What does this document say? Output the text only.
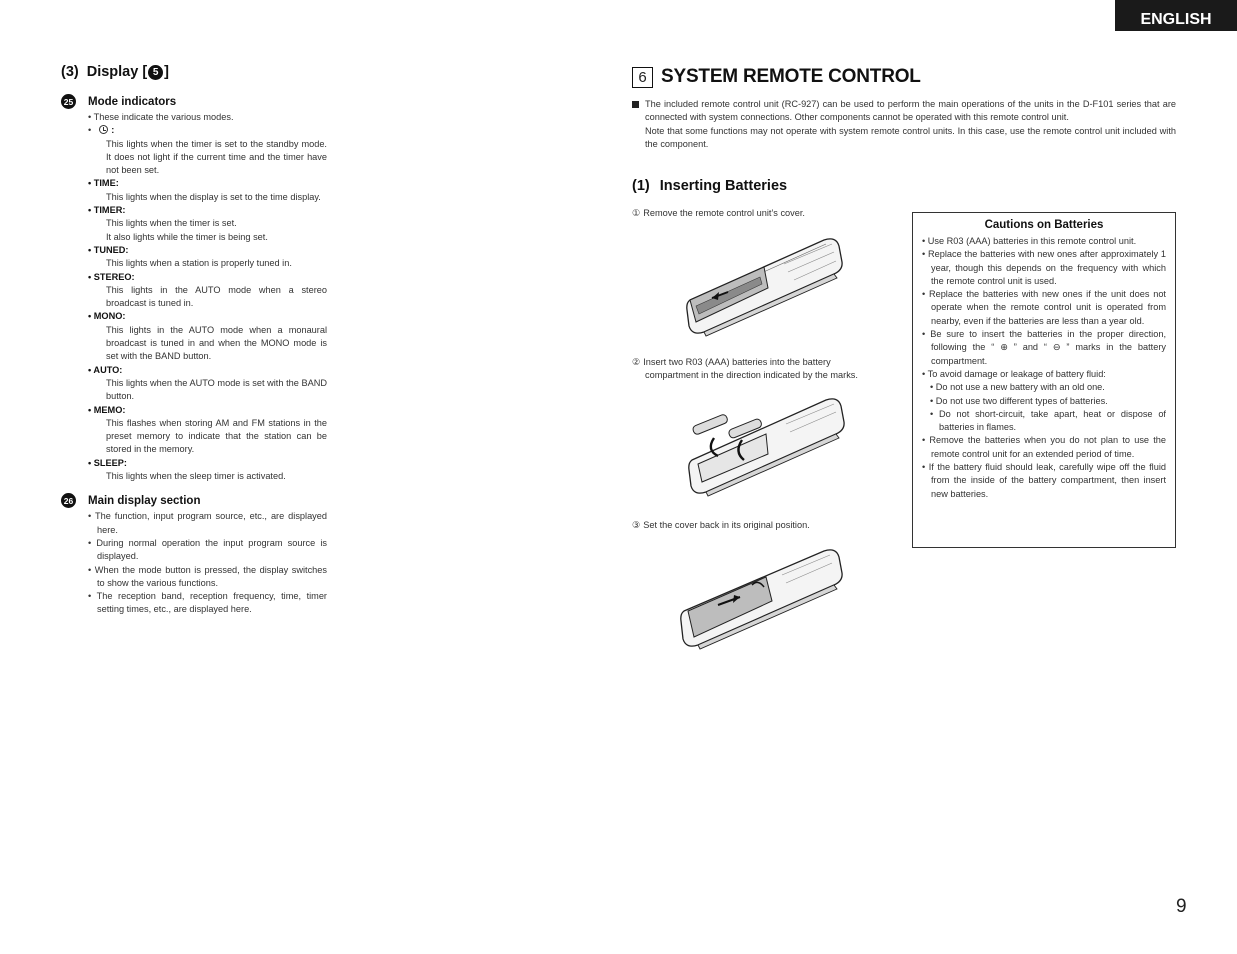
ENGLISH
(3) Display [ 5 ]
25 Mode indicators
• These indicate the various modes.
• :
This lights when the timer is set to the standby mode. It does not light if the current time and the timer have not been set.
• TIME:
This lights when the display is set to the time display.
• TIMER:
This lights when the timer is set.
It also lights while the timer is being set.
• TUNED:
This lights when a station is properly tuned in.
• STEREO:
This lights in the AUTO mode when a stereo broadcast is tuned in.
• MONO:
This lights in the AUTO mode when a monaural broadcast is tuned in and when the MONO mode is set with the BAND button.
• AUTO:
This lights when the AUTO mode is set with the BAND button.
• MEMO:
This flashes when storing AM and FM stations in the preset memory to indicate that the station can be stored in the memory.
• SLEEP:
This lights when the sleep timer is activated.
26 Main display section
• The function, input program source, etc., are displayed here.
• During normal operation the input program source is displayed.
• When the mode button is pressed, the display switches to show the various functions.
• The reception band, reception frequency, time, timer setting times, etc., are displayed here.
6 SYSTEM REMOTE CONTROL

The included remote control unit (RC-927) can be used to perform the main operations of the units in the D-F101 series that are connected with system connections. Other components cannot be operated with this remote control unit.

Note that some functions may not operate with system remote control units. In this case, use the remote control unit included with the component.

(1) Inserting Batteries
① Remove the remote control unit’s cover.
② Insert two R03 (AAA) batteries into the battery
compartment in the direction indicated by the marks.
③ Set the cover back in its original position.
Cautions on Batteries
• Use R03 (AAA) batteries in this remote control unit.
• Replace the batteries with new ones after approximately 1 year, though this depends on the frequency with which the remote control unit is used.
• Replace the batteries with new ones if the unit does not operate when the remote control unit is operated from nearby, even if the batteries are less than a year old.
• Be sure to insert the batteries in the proper direction, following the “ ⊕ ” and “ ⊖ ” marks in the battery compartment.
• To avoid damage or leakage of battery fluid:
• Do not use a new battery with an old one.
• Do not use two different types of batteries.
• Do not short-circuit, take apart, heat or dispose of batteries in flames.
• Remove the batteries when you do not plan to use the remote control unit for an extended period of time.
• If the battery fluid should leak, carefully wipe off the fluid from the inside of the battery compartment, then insert new batteries.
9
